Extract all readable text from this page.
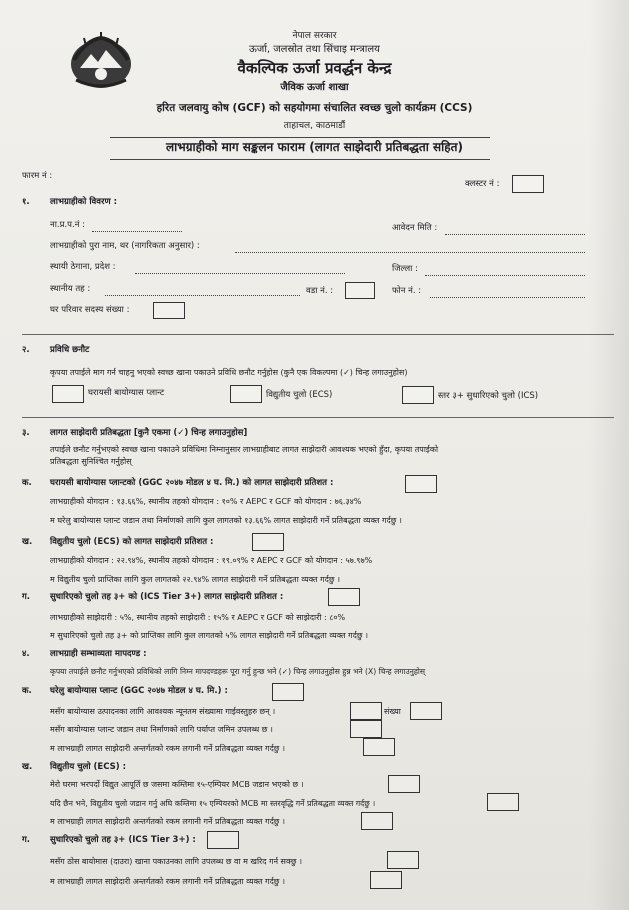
नेपाल सरकार
ऊर्जा, जलस्रोत तथा सिंचाइ मन्त्रालय
वैकल्पिक ऊर्जा प्रवर्द्धन केन्द्र
जैविक ऊर्जा शाखा
हरित जलवायु कोष (GCF) को सहयोगमा संचालित स्वच्छ चुलो कार्यक्रम (CCS)
ताहाचल, काठमाडौं
लाभग्राहीको माग सङ्कलन फाराम (लागत साझेदारी प्रतिबद्धता सहित)
फारम नं :
क्लस्टर नं :
१. लाभग्राहीको विवरण :
ना.प्र.प.नं :	आवेदन मिति :
लाभग्राहीको पुरा नाम, थर (नागरिकता अनुसार) :
स्थायी ठेगाना, प्रदेश :	जिल्ला :
स्थानीय तह :	वडा नं. :	फोन नं. :
घर परिवार सदस्य संख्या :
२. प्रविधि छनौट
कृपया तपाईले माग गर्न चाहनु भएको स्वच्छ खाना पकाउने प्रविधि छनौट गर्नुहोस (कुनै एक विकल्पमा (✓) चिन्ह लगाउनुहोस)
घरायसी बायोग्यास प्लान्ट	विद्युतीय चुलो (ECS)	स्तर ३+ सुधारिएको चुलो (ICS)
३. लागत साझेदारी प्रतिबद्धता [कुनै एकमा (✓) चिन्ह लगाउनुहोस]
तपाईले छनौट गर्नुभएको स्वच्छ खाना पकाउने प्रविधिमा निम्नानुसार लाभग्राहीबाट लागत साझेदारी आवश्यक भएको हुँदा, कृपया तपाईको
प्रतिबद्धता सुनिश्चित गर्नुहोस्
क. घरायसी बायोग्यास प्लान्टको (GGC २०४७ मोडल ४ घ. मि.) को लागत साझेदारी प्रतिशत :
लाभग्राहीको योगदान : १३.६६%, स्थानीय तहको योगदान : १०% र AEPC र GCF को योगदान : ७६.३४%
म घरेलु बायोग्यास प्लान्ट जडान तथा निर्माणको लागि कुल लागतको १३.६६% लागत साझेदारी गर्ने प्रतिबद्धता व्यक्त गर्दछु ।
ख. विद्युतीय चुलो (ECS) को लागत साझेदारी प्रतिशत :
लाभग्राहीको योगदान : २२.९४%, स्थानीय तहको योगदान : १९.०९% र AEPC र GCF को योगदान : ५७.९७%
म विद्युतीय चुलो प्राप्तिका लागि कुल लागतको २२.९४% लागत साझेदारी गर्ने प्रतिबद्धता व्यक्त गर्दछु ।
ग. सुधारिएको चुलो तह ३+ को (ICS Tier 3+) लागत साझेदारी प्रतिशत :
लाभग्राहीको साझेदारी : ५%, स्थानीय तहको साझेदारी : १५% र AEPC र GCF को साझेदारी : ८०%
म सुधारिएको चुलो तह ३+ को प्राप्तिका लागि कुल लागतको ५% लागत साझेदारी गर्ने प्रतिबद्धता व्यक्त गर्दछु ।
४. लाभग्राही सम्भाव्यता मापदण्ड :
कृपया तपाईले छनौट गर्नुभएको प्रविधिको लागि निम्न मापदण्डहरू पूरा गर्नु हुन्छ भने (✓) चिन्ह लगाउनुहोस हुन्न भने (X) चिन्ह लगाउनुहोस्
क. घरेलु बायोग्यास प्लान्ट (GGC २०४७ मोडल ४ घ. मि.) :
मसँग बायोग्यास उत्पादनका लागि आवश्यक न्यूनतम संख्यामा गाईवस्तुहरु छन् ।	संख्या
मसँग बायोग्यास प्लान्ट जडान तथा निर्माणको लागि पर्याप्त जमिन उपलब्ध छ ।
म लाभग्राही लागत साझेदारी अन्तर्गतको रकम लगानी गर्ने प्रतिबद्धता व्यक्त गर्दछु ।
ख. विद्युतीय चुलो (ECS) :
मेरो घरमा भरपर्दो विद्युत आपूर्ति छ जसमा कम्तिमा १५-एम्पियर MCB जडान भएको छ ।
यदि छैन भने, विद्युतीय चुलो जडान गर्नु अघि कम्तिमा १५ एम्पियरको MCB मा स्तरवृद्धि गर्ने प्रतिबद्धता व्यक्त गर्दछु ।
म लाभग्राही लागत साझेदारी अन्तर्गतको रकम लगानी गर्ने प्रतिबद्धता व्यक्त गर्दछु ।
ग. सुधारिएको चुलो तह ३+ (ICS Tier 3+) :
मसँग ठोस बायोमास (दाउरा) खाना पकाउनका लागि उपलब्ध छ वा म खरिद गर्न सक्छु ।
म लाभग्राही लागत साझेदारी अन्तर्गतको रकम लगानी गर्ने प्रतिबद्धता व्यक्त गर्दछु ।
